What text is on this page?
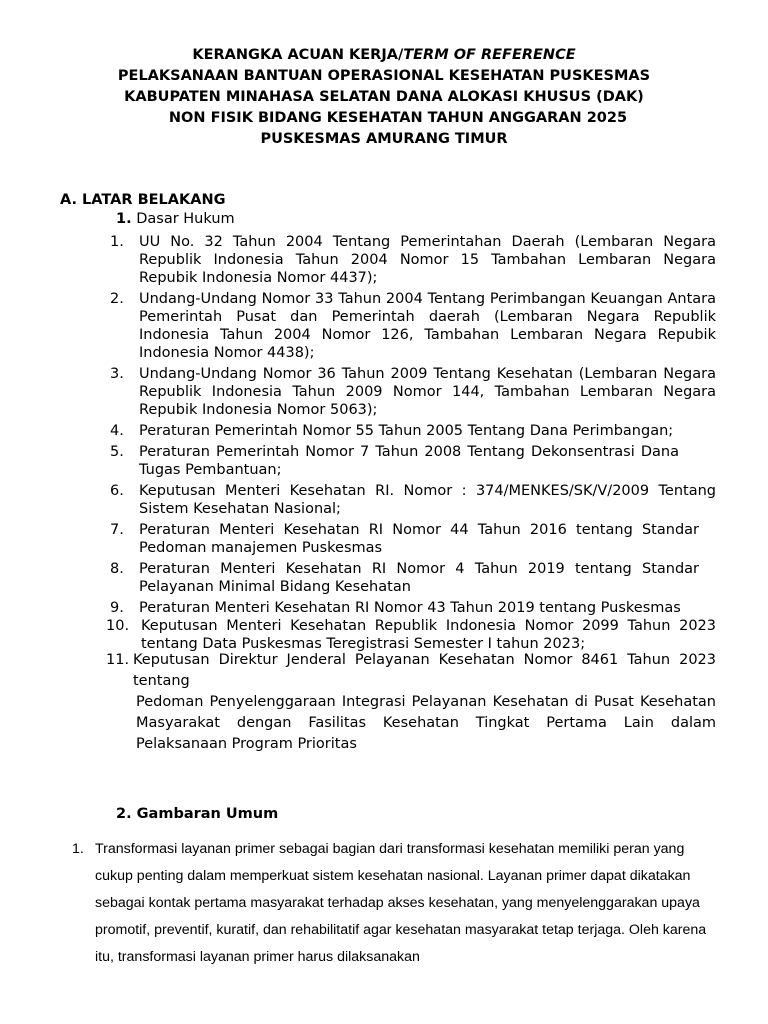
KERANGKA ACUAN KERJA/TERM OF REFERENCE
PELAKSANAAN BANTUAN OPERASIONAL KESEHATAN PUSKESMAS
KABUPATEN MINAHASA SELATAN DANA ALOKASI KHUSUS (DAK)
NON FISIK BIDANG KESEHATAN TAHUN ANGGARAN 2025
PUSKESMAS AMURANG TIMUR
A. LATAR BELAKANG
1. Dasar Hukum
1. UU No. 32 Tahun 2004 Tentang Pemerintahan Daerah (Lembaran Negara Republik Indonesia Tahun 2004 Nomor 15 Tambahan Lembaran Negara Repubik Indonesia Nomor 4437);
2. Undang-Undang Nomor 33 Tahun 2004 Tentang Perimbangan Keuangan Antara Pemerintah Pusat dan Pemerintah daerah (Lembaran Negara Republik Indonesia Tahun 2004 Nomor 126, Tambahan Lembaran Negara Repubik Indonesia Nomor 4438);
3. Undang-Undang Nomor 36 Tahun 2009 Tentang Kesehatan (Lembaran Negara Republik Indonesia Tahun 2009 Nomor 144, Tambahan Lembaran Negara Repubik Indonesia Nomor 5063);
4. Peraturan Pemerintah Nomor 55 Tahun 2005 Tentang Dana Perimbangan;
5. Peraturan Pemerintah Nomor 7 Tahun 2008 Tentang Dekonsentrasi Dana Tugas Pembantuan;
6. Keputusan Menteri Kesehatan RI. Nomor : 374/MENKES/SK/V/2009 Tentang Sistem Kesehatan Nasional;
7. Peraturan Menteri Kesehatan RI Nomor 44 Tahun 2016 tentang Standar Pedoman manajemen Puskesmas
8. Peraturan Menteri Kesehatan RI Nomor 4 Tahun 2019 tentang Standar Pelayanan Minimal Bidang Kesehatan
9. Peraturan Menteri Kesehatan RI Nomor 43 Tahun 2019 tentang Puskesmas
10. Keputusan Menteri Kesehatan Republik Indonesia Nomor 2099 Tahun 2023 tentang Data Puskesmas Teregistrasi Semester I tahun 2023;
11. Keputusan Direktur Jenderal Pelayanan Kesehatan Nomor 8461 Tahun 2023 tentang
Pedoman Penyelenggaraan Integrasi Pelayanan Kesehatan di Pusat Kesehatan Masyarakat dengan Fasilitas Kesehatan Tingkat Pertama Lain dalam Pelaksanaan Program Prioritas
2. Gambaran Umum
1. Transformasi layanan primer sebagai bagian dari transformasi kesehatan memiliki peran yang cukup penting dalam memperkuat sistem kesehatan nasional. Layanan primer dapat dikatakan sebagai kontak pertama masyarakat terhadap akses kesehatan, yang menyelenggarakan upaya promotif, preventif, kuratif, dan rehabilitatif agar kesehatan masyarakat tetap terjaga. Oleh karena itu, transformasi layanan primer harus dilaksanakan
